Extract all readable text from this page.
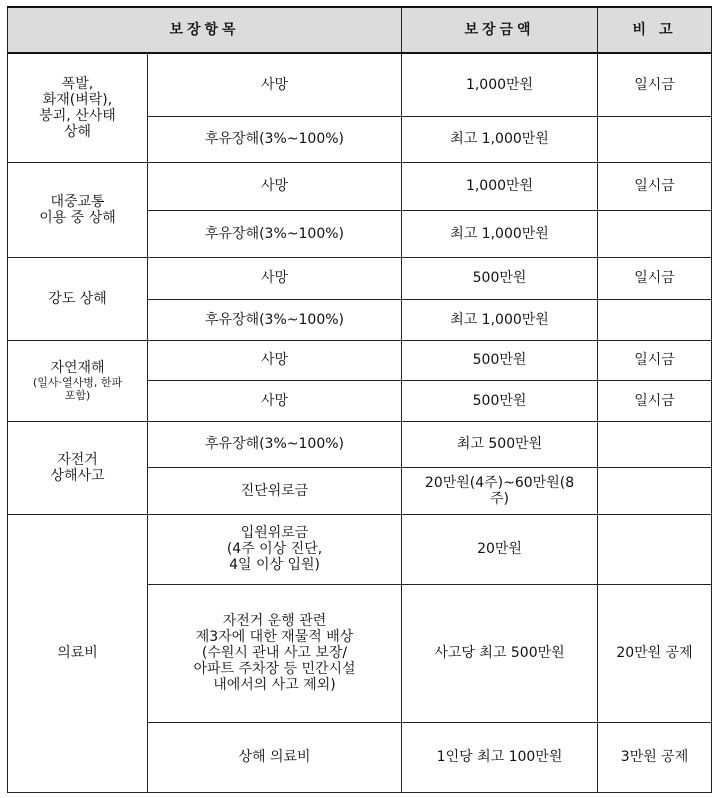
보장항목		보장금액	비 고
폭발,
화재(벼락),
붕괴, 산사태
상해	사망	1,000만원	일시금
	후유장해(3%~100%)	최고 1,000만원	
대중교통
이용 중 상해	사망	1,000만원	일시금
	후유장해(3%~100%)	최고 1,000만원	
강도 상해	사망	500만원	일시금
	후유장해(3%~100%)	최고 1,000만원	
자연재해
(일사·열사병, 한파
포함)	사망	500만원	일시금
	사망	500만원	일시금
자전거
상해사고	후유장해(3%~100%)	최고 500만원	
	진단위로금	20만원(4주)~60만원(8
주)	
의료비	입원위로금
(4주 이상 진단,
4일 이상 입원)	20만원	
	자전거 운행 관련
제3자에 대한 재물적 배상
(수원시 관내 사고 보장/
아파트 주차장 등 민간시설
내에서의 사고 제외)	사고당 최고 500만원	20만원 공제
	상해 의료비	1인당 최고 100만원	3만원 공제
